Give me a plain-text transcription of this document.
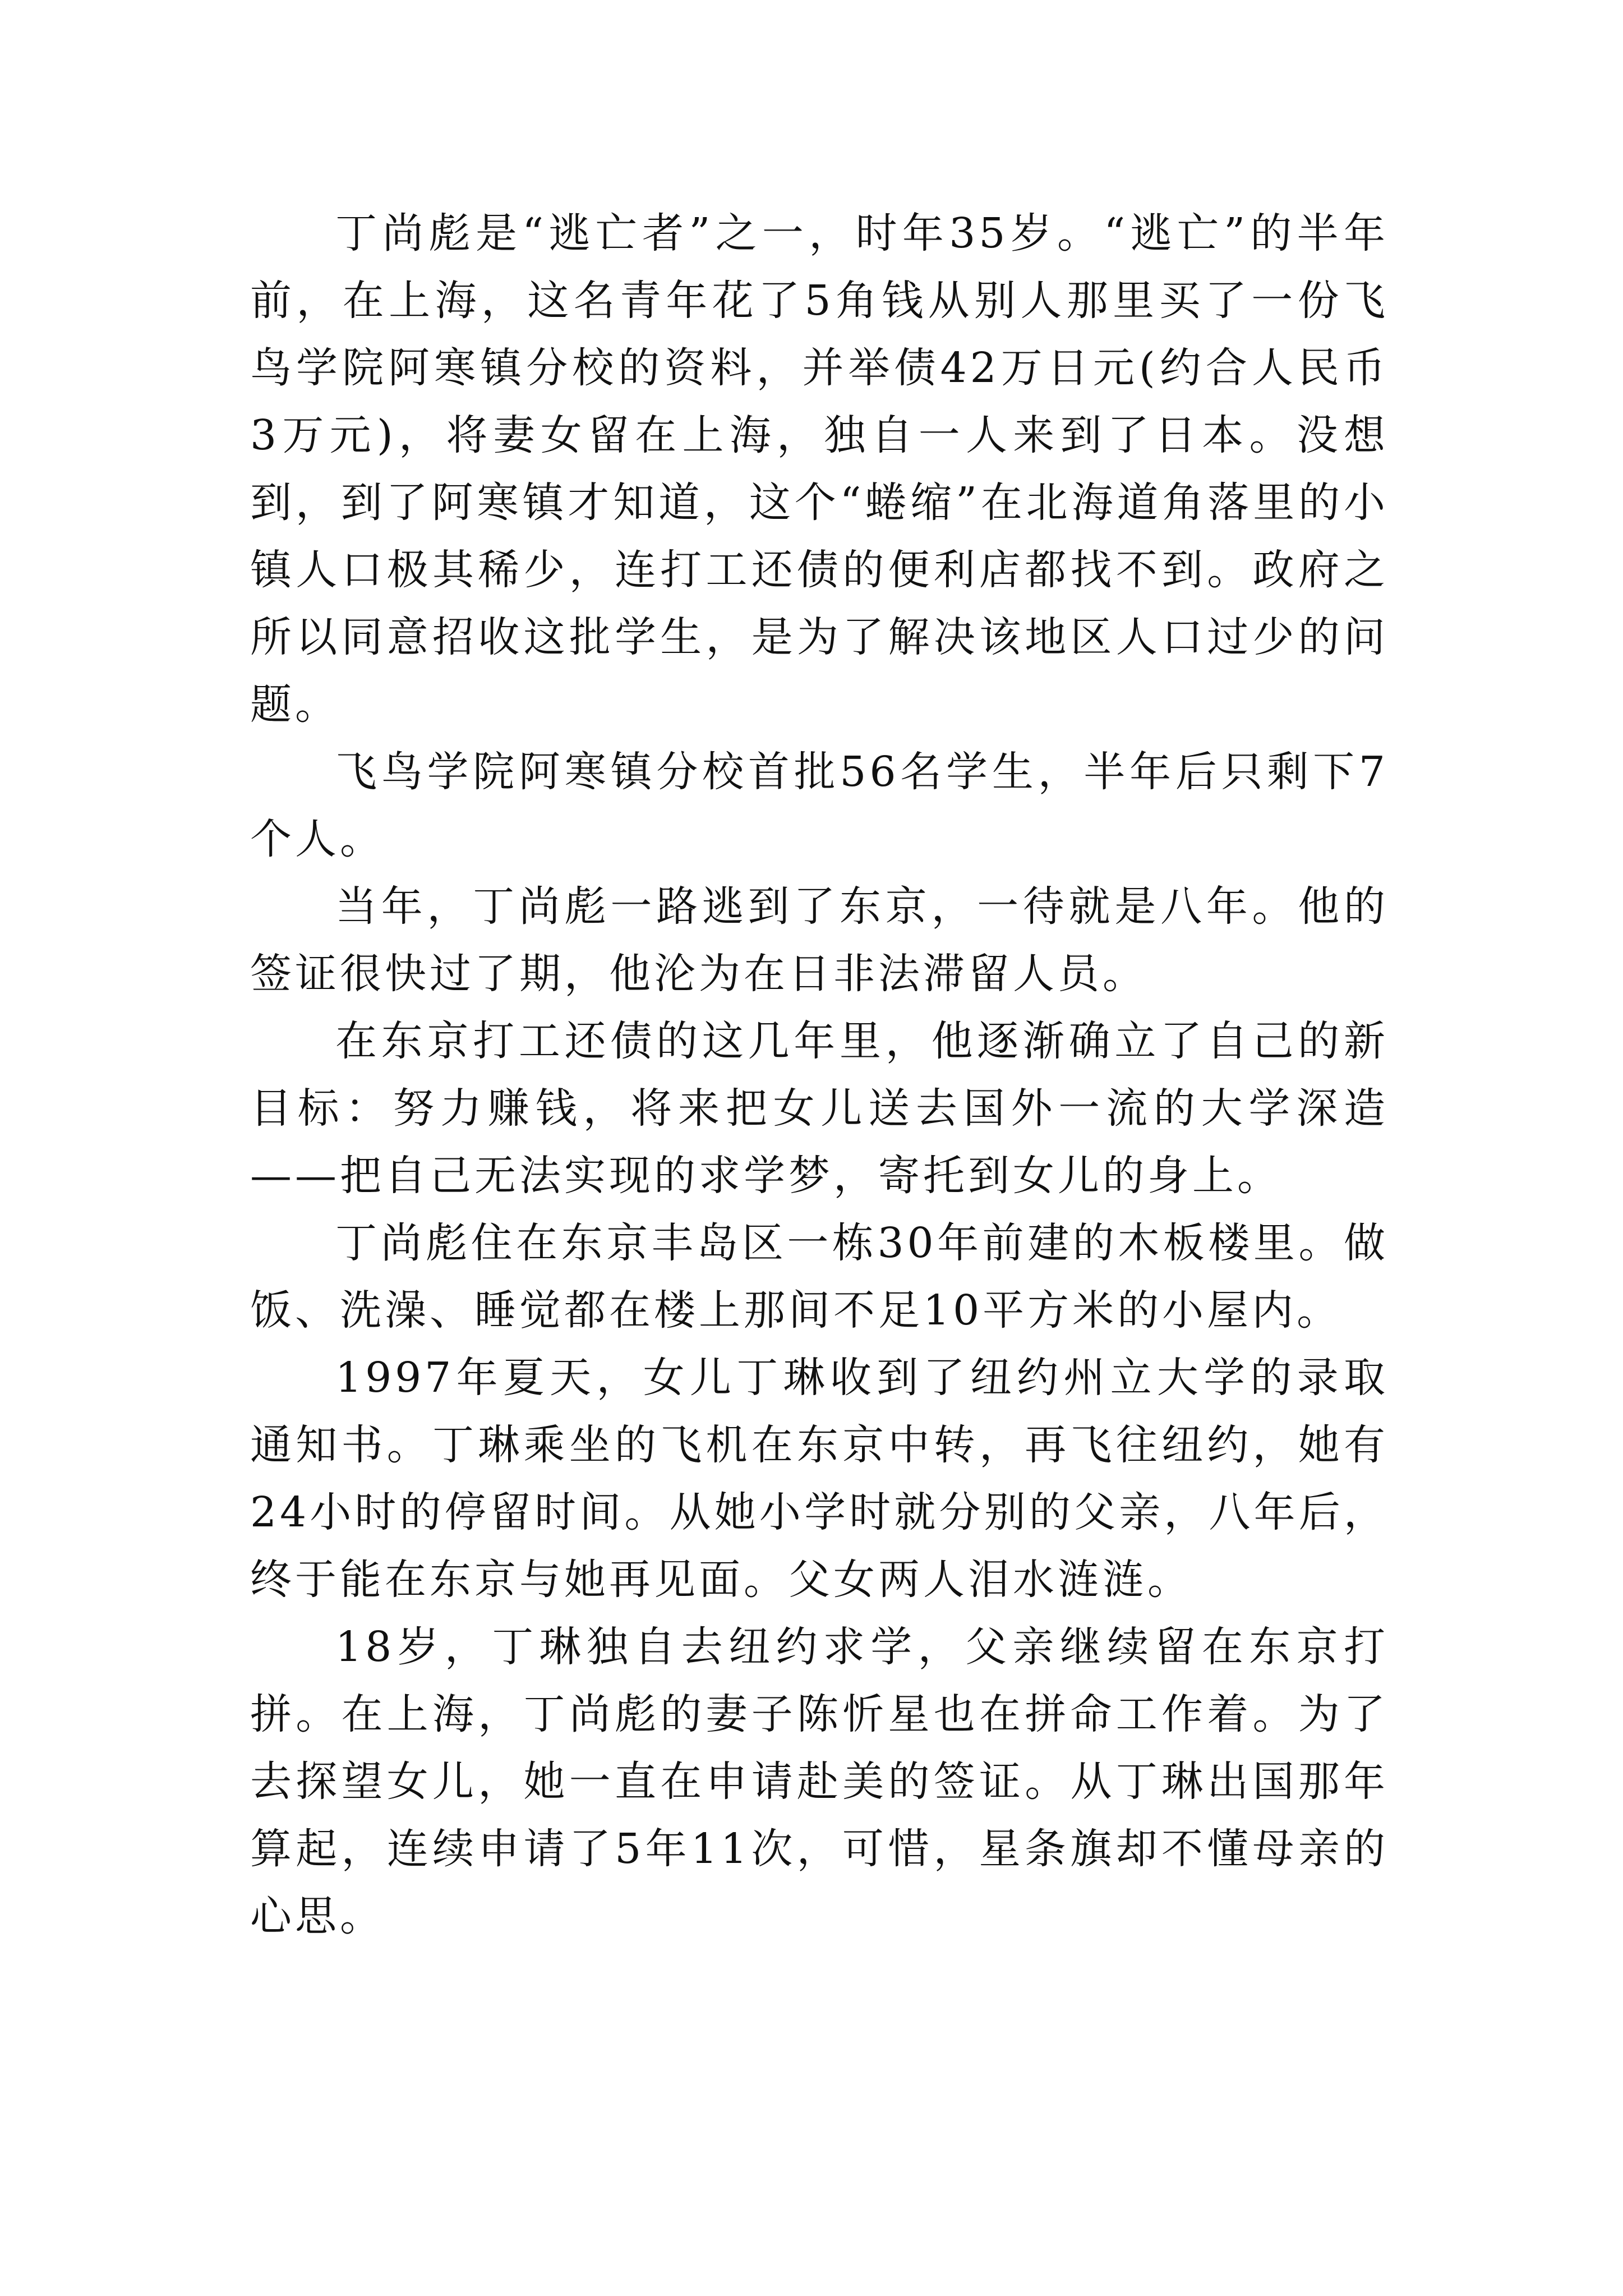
丁尚彪是“逃亡者”之一，时年35岁。“逃亡”的半年前，在上海，这名青年花了5角钱从别人那里买了一份飞鸟学院阿寒镇分校的资料，并举债42万日元(约合人民币3万元)，将妻女留在上海，独自一人来到了日本。没想到，到了阿寒镇才知道，这个“蜷缩”在北海道角落里的小镇人口极其稀少，连打工还债的便利店都找不到。政府之所以同意招收这批学生，是为了解决该地区人口过少的问题。

飞鸟学院阿寒镇分校首批56名学生，半年后只剩下7个人。

当年，丁尚彪一路逃到了东京，一待就是八年。他的签证很快过了期，他沦为在日非法滞留人员。

在东京打工还债的这几年里，他逐渐确立了自己的新目标：努力赚钱，将来把女儿送去国外一流的大学深造——把自己无法实现的求学梦，寄托到女儿的身上。

丁尚彪住在东京丰岛区一栋30年前建的木板楼里。做饭、洗澡、睡觉都在楼上那间不足10平方米的小屋内。

1997年夏天，女儿丁琳收到了纽约州立大学的录取通知书。丁琳乘坐的飞机在东京中转，再飞往纽约，她有24小时的停留时间。从她小学时就分别的父亲，八年后，终于能在东京与她再见面。父女两人泪水涟涟。

18岁，丁琳独自去纽约求学，父亲继续留在东京打拼。在上海，丁尚彪的妻子陈忻星也在拼命工作着。为了去探望女儿，她一直在申请赴美的签证。从丁琳出国那年算起，连续申请了5年11次，可惜，星条旗却不懂母亲的心思。
